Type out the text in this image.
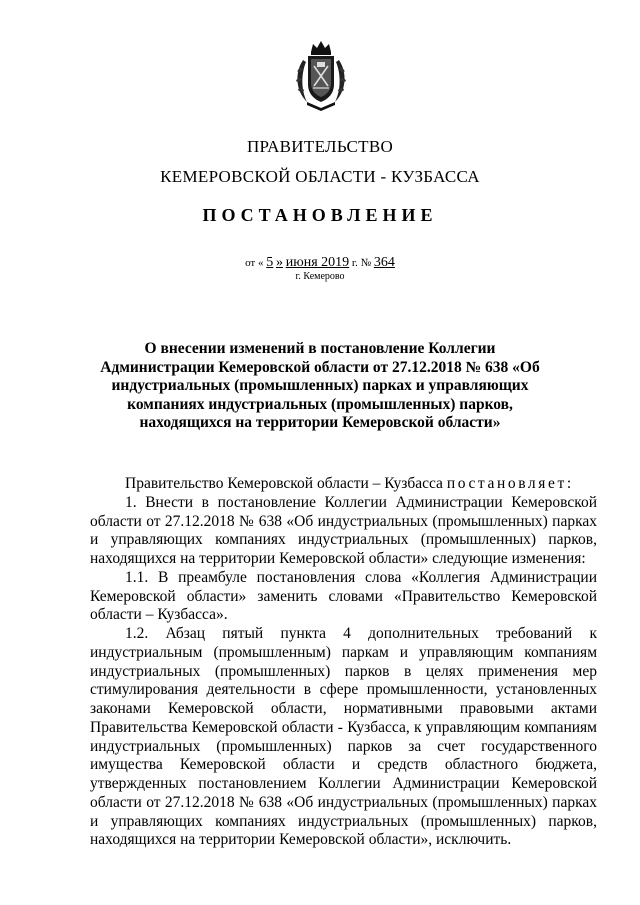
ПРАВИТЕЛЬСТВО
КЕМЕРОВСКОЙ ОБЛАСТИ - КУЗБАССА
ПОСТАНОВЛЕНИЕ
от « 5 » июня 2019 г. № 364
г. Кемерово
О внесении изменений в постановление Коллегии Администрации Кемеровской области от 27.12.2018 № 638 «Об индустриальных (промышленных) парках и управляющих компаниях индустриальных (промышленных) парков, находящихся на территории Кемеровской области»

Правительство Кемеровской области – Кузбасса постановляет:

1. Внести в постановление Коллегии Администрации Кемеровской области от 27.12.2018 № 638 «Об индустриальных (промышленных) парках и управляющих компаниях индустриальных (промышленных) парков, находящихся на территории Кемеровской области» следующие изменения:

1.1. В преамбуле постановления слова «Коллегия Администрации Кемеровской области» заменить словами «Правительство Кемеровской области – Кузбасса».

1.2. Абзац пятый пункта 4 дополнительных требований к индустриальным (промышленным) паркам и управляющим компаниям индустриальных (промышленных) парков в целях применения мер стимулирования деятельности в сфере промышленности, установленных законами Кемеровской области, нормативными правовыми актами Правительства Кемеровской области - Кузбасса, к управляющим компаниям индустриальных (промышленных) парков за счет государственного имущества Кемеровской области и средств областного бюджета, утвержденных постановлением Коллегии Администрации Кемеровской области от 27.12.2018 № 638 «Об индустриальных (промышленных) парках и управляющих компаниях индустриальных (промышленных) парков, находящихся на территории Кемеровской области», исключить.
